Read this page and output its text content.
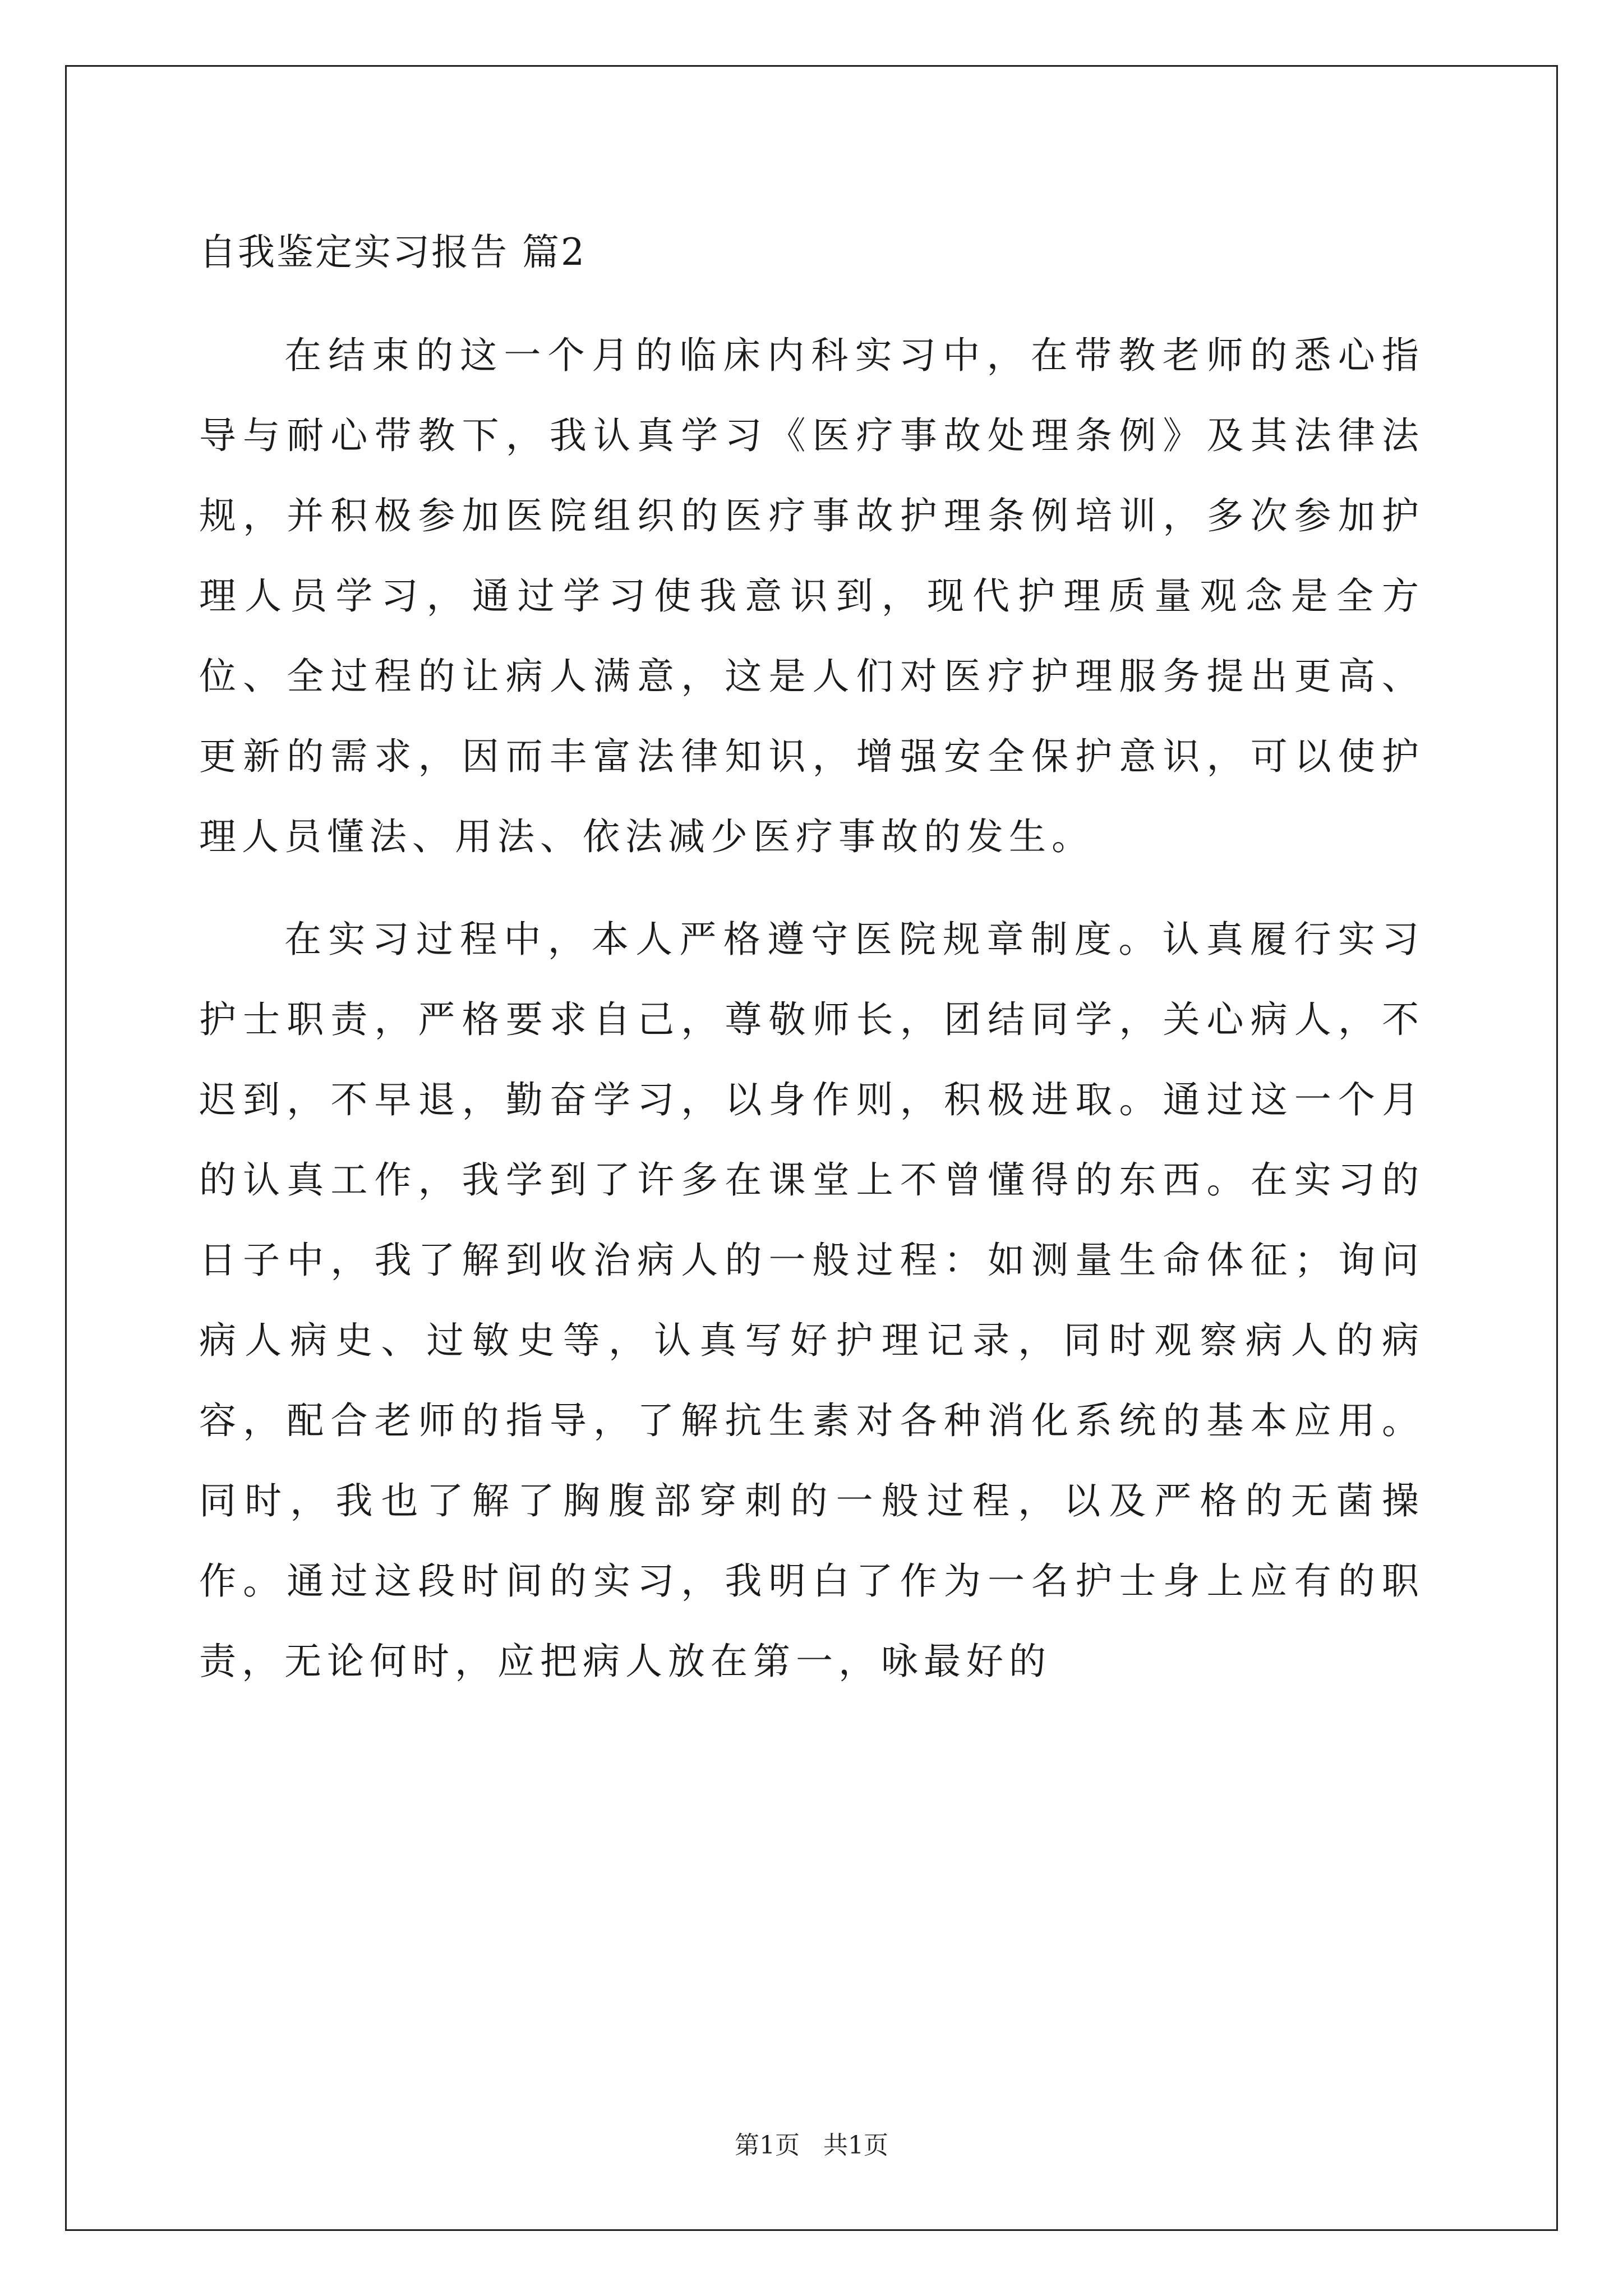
自我鉴定实习报告 篇2

在结束的这一个月的临床内科实习中，在带教老师的悉心指导与耐心带教下，我认真学习《医疗事故处理条例》及其法律法规，并积极参加医院组织的医疗事故护理条例培训，多次参加护理人员学习，通过学习使我意识到，现代护理质量观念是全方位、全过程的让病人满意，这是人们对医疗护理服务提出更高、更新的需求，因而丰富法律知识，增强安全保护意识，可以使护理人员懂法、用法、依法减少医疗事故的发生。

在实习过程中，本人严格遵守医院规章制度。认真履行实习护士职责，严格要求自己，尊敬师长，团结同学，关心病人，不迟到，不早退，勤奋学习，以身作则，积极进取。通过这一个月的认真工作，我学到了许多在课堂上不曾懂得的东西。在实习的日子中，我了解到收治病人的一般过程：如测量生命体征；询问病人病史、过敏史等，认真写好护理记录，同时观察病人的病容，配合老师的指导，了解抗生素对各种消化系统的基本应用。同时，我也了解了胸腹部穿刺的一般过程，以及严格的无菌操作。通过这段时间的实习，我明白了作为一名护士身上应有的职责，无论何时，应把病人放在第一，咏最好的

第1页   共1页
